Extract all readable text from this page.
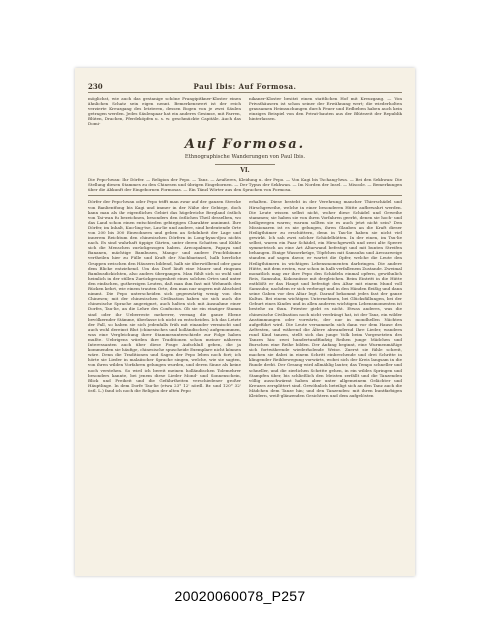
230	Paul Ibis: Auf Formosa.
möglichst, wie auch das gestanige schöne Frangipitkner-Kloster einen ähnlichen Schatz sein eigen nennt. Bemerkenswert ist der reich verzierte Kreuzgang des letzteren, dessen Bogen von je zwei Säulen getragen werden. Jedes Säulenpaar hat ein anderes Gesimse, mit Farren, Blüten, Drachen, Pferdeköpfen u. s. w. geschmückte Capitäle. Auch das Domi-
nikaner-Kloster besitzt einen stattlichen Hof mit Kreuzgang. — Von Privathäusern ist schon seiner der Erwähnung wert; die wiederholten grausamen Heimsuchungen durch Feuer und Erdbeben haben auch kein einziges Beispiel von den Privat-bauten aus der Blütezeit der Republik hinterlassen.
Auf Formosa.
Ethnographische Wanderungen von Paul Ibis.
VI.
Die Pepo-hwan: Ihr Dörfer. — Religion der Pepo. — Tanz. — Aeußeres, Kleidung u. der Pepo. — Von Kagi bis Tschang-hwa. — Bei den Sekhwan: Die Stellung diesen Stammes zu den Chinesen und übrigen Eingebornen. — Der Typus der Sekhwan. — Im Norden der Insel. — Misoole. — Bemerkungen über die Abkunft der Eingebornen Formosas. — Ein Tänzl Wörter aus den Sprachen von Formosa.
Dörfer der Pepo-hwan oder Pepo trifft man zwar auf der ganzen Strecke von Banlientfong bis Kagi und immer in der Nähe der Gebirge, doch kann man als ihr eigentliches Gebiet das hügelreiche Bergland östlich von Tai-wan fu bezeichnen, besonders den östlichen Theil desselben, wo das Land schon einen entschieden gebirgigen Charakter annimmt. Ihre Dörfer, im Inhalt, Kuo-ling-tse, Lau-lie und andere, sind bedeutende Orte von 200 bis 300 Einwohnern und geben an Sehdnheit der Lage und innerem Reichtum den chinesischen Dörfern in Long-kyau-djou nichts nach. Es sind wahrhaft üppige Gärten, unter deren Schatten und Kühle sich die Menschen zurückgezogen haben. Arecapalmen, Papaya und Bananen, mächtige Bambusen, Mango- und andere Fruchtbäume vertheilen hier zu Fülle und Kraft der Nachbarinsel, halb herrliche Gruppen zwischen den Häusern bildend, halb sie überwölbend oder ganz dem Blicke entziehend. Um das Dorf läuft eine Mauer und ringsum Bambusdickichten, also anders übergangen. Man fühlt sich so wohl und heimlich in der stillen Zurückgezogenheit eines solchen Ortes und unter den einfachen, gutherzigen Leuten, daß man ihm fast mit Wehmuth den Rücken kehrt, wie einem trauten Orte, den man nur ungern mit Abschied nimmt. Die Pepo unterscheiden sich gegenwärtig wenig von den Chinesen; mit der chinesischen Civilisation haben sie sich auch die chinesische Sprache angeeignet, auch halten sich mit Ausnahme einer Dorfes, Tau-lie, an die Lehre des Confucius. Ob sie ein einziger Stamm sind oder ihr Ueberreste mehrerer, vermag die ganze Ebene bevölkernder Stämme, überlasse ich nicht zu entscheiden. Ich das Letzte der Fall, so haben sie sich jedenfalls früh mit einander vermischt und auch wohl dereinst Blut (chinesisches und holländisches) aufgenommen, was eine Vergleichung ihrer Stammesunterschiede zur Folge haben mußte. Uebrigens würden ihre Traditionen schon meiner näheren Interessanten auch über diese Frage Aufschluß geben, die ja kommenden sie häufige, chinesische spuscheide Exemplare nicht können wäre. Denn die Traditionen und Sagen der Pepo leben noch fort; ich hörte sie Lieder in malaiischer Sprache singen, welche, wie sie sagten, von ihren wilden Vorfahren gelungen wurden, und deren Sinne als keine noch verstehen. So wird ich bereit meinen holländischen Tolemehrer besonders kannte, bei jenem diese Lieder Mond- und Sonnenschein, Blick und Freiheit und die Gefährtheiten verschiedener großer Häuptlinge. In dem Dorfe Tau-lie (etwa 23° 12' nördl. Br. und 120° 32' östl. L.) fand ich noch die Religion der alten Pepo
erhalten. Diese besteht in der Verehrung mancher Thierschädel und Hirschgeweihe, welche in einer besonderen Hütte aufbewahrt werden. Die Leute wissen selbst nicht, woher diese Schädel und Geweihe stammen; sie haben sie von ihren Vorfahren geerbt, denen sie hoch- und heiligwegen waren; warum sollten sie es auch jetzt nicht sein? Den Missionaren ist es nie gelungen, ihren Glauben an die Kraft dieser Heiligthümer zu erschüttern, denn in Tau-lie haben sie nicht viel gewirkt. Ich sah zwei solcher Schädelhütten. In der einen, im Tsu-lie selbst, waren ein Paar Schädel, ein Hirschgeweih und zwei alte Speere symmetrisch an eine Art Altarwand befestigt und mit bunten Streifen behangen. Einige Wasserkrüge, Töpfchen mit Samsuhu und Arecazweige standen auf sagen davor, er wartet die Opfer, welche die Leute den Heiligthümern in wichtigen Lebensmomenten darbringen. Die andere Hütte, mit dem ersten, war schon in halb verfallenem Zustande. Zweimal monatlich mag zur ihre Pepo den Schädeln einmal opfern, gewöhnlich Reis, Samsuhu, Kokosnüsse mit dergleichen. Beim Eintritt in die Hütte entblößt er das Haupt und befestigt den Altar mit einem Mund voll Samsuhu; nachdem er sich verbeugt und in den Händen fleißig und dann seine Gaben vor den Altar legt. Darauf bekommt jedes fast der ganze Kultus. Bei einem wichtigen Unternehmen, bei Glücksfällungen, bei der Geburt eines Kindes und in allen anderen wichtigen Lebensmomenten ist bestehe zu thun. Priester giebt es nicht. Etwas anderes, was die chinesische Civilisation noch nicht verdrängt hat, ist der Tanz, ein wilder Anstimmungen oder vorwärts, der nur in mondhellen Nächten aufgeführt wird. Die Leute versammeln sich dann vor dem Hause des Aeltesten, und während die Ältere abwandernd Ihre Lieder, wandern rund Kind tanzen, stellt sich das junge Volk beim Vorgesetzten des Tanzes hin: zwei hundertundfünfzig Reihen junge Mädchen und Burschen eine Reihe bilden. Der Anfang beginnt, eine Wurmenmäßige sich fortwährende wiederholende Weise. Zuerst sie fühle schreit, machen sie dabei in einem Schritt einbrechende und drei Schritte in klingender Reihbewegung vorwärts, wobei sich der Kreis langsam in die Runde dreht. Der Gesang wird allmählig lauter, das Tempo schneller und schneller, und die zierlichen Schritte gehen, in ein wildes Springen und Stampfen über, bis schließlich den Meisten zerfällt und die Tanzenden völlig ausschwärmt haben aber unter allgemeinem Gelächter und Kreuzes zersplittert sind. Gewöhnlich beteiligt sich an den Tanz auch die Mädchen dem Tanze hin; und den Tanzenden: mit ihren buntfarbigen Kleidern, weiß-glänzenden Gesichtern und dem aufgelösten
20020060078_P257
